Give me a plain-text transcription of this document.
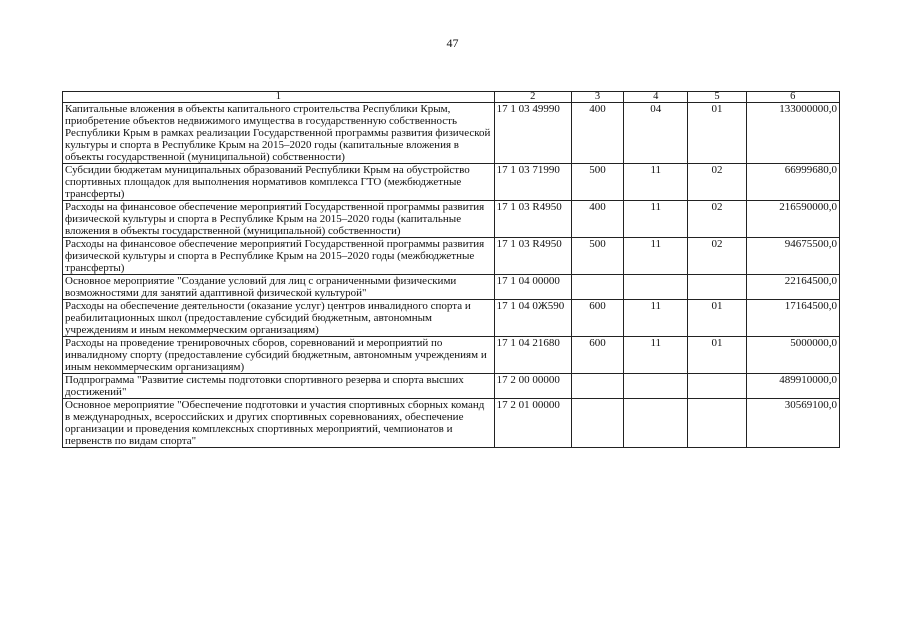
47
1	2	3	4	5	6
Капитальные вложения в объекты капитального строительства Республики Крым, приобретение объектов недвижимого имущества в государственную собственность Республики Крым в рамках реализации Государственной программы развития физической культуры и спорта в Республике Крым на 2015–2020 годы (капитальные вложения в объекты государственной (муниципальной) собственности)	17 1 03 49990	400	04	01	133000000,0
Субсидии бюджетам муниципальных образований Республики Крым на обустройство спортивных площадок для выполнения нормативов комплекса ГТО (межбюджетные трансферты)	17 1 03 71990	500	11	02	66999680,0
Расходы на финансовое обеспечение мероприятий Государственной программы развития физической культуры и спорта в Республике Крым на 2015–2020 годы (капитальные вложения в объекты государственной (муниципальной) собственности)	17 1 03 R4950	400	11	02	216590000,0
Расходы на финансовое обеспечение мероприятий Государственной программы развития физической культуры и спорта в Республике Крым на 2015–2020 годы (межбюджетные трансферты)	17 1 03 R4950	500	11	02	94675500,0
Основное мероприятие "Создание условий для лиц с ограниченными физическими возможностями для занятий адаптивной физической культурой"	17 1 04 00000				22164500,0
Расходы на обеспечение деятельности (оказание услуг) центров инвалидного спорта и реабилитационных школ (предоставление субсидий бюджетным, автономным учреждениям и иным некоммерческим организациям)	17 1 04 0Ж590	600	11	01	17164500,0
Расходы на проведение тренировочных сборов, соревнований и мероприятий по инвалидному спорту (предоставление субсидий бюджетным, автономным учреждениям и иным некоммерческим организациям)	17 1 04 21680	600	11	01	5000000,0
Подпрограмма "Развитие системы подготовки спортивного резерва и спорта высших достижений"	17 2 00 00000				489910000,0
Основное мероприятие "Обеспечение подготовки и участия спортивных сборных команд в международных, всероссийских и других спортивных соревнованиях, обеспечение организации и проведения комплексных спортивных мероприятий, чемпионатов и первенств по видам спорта"	17 2 01 00000				30569100,0
